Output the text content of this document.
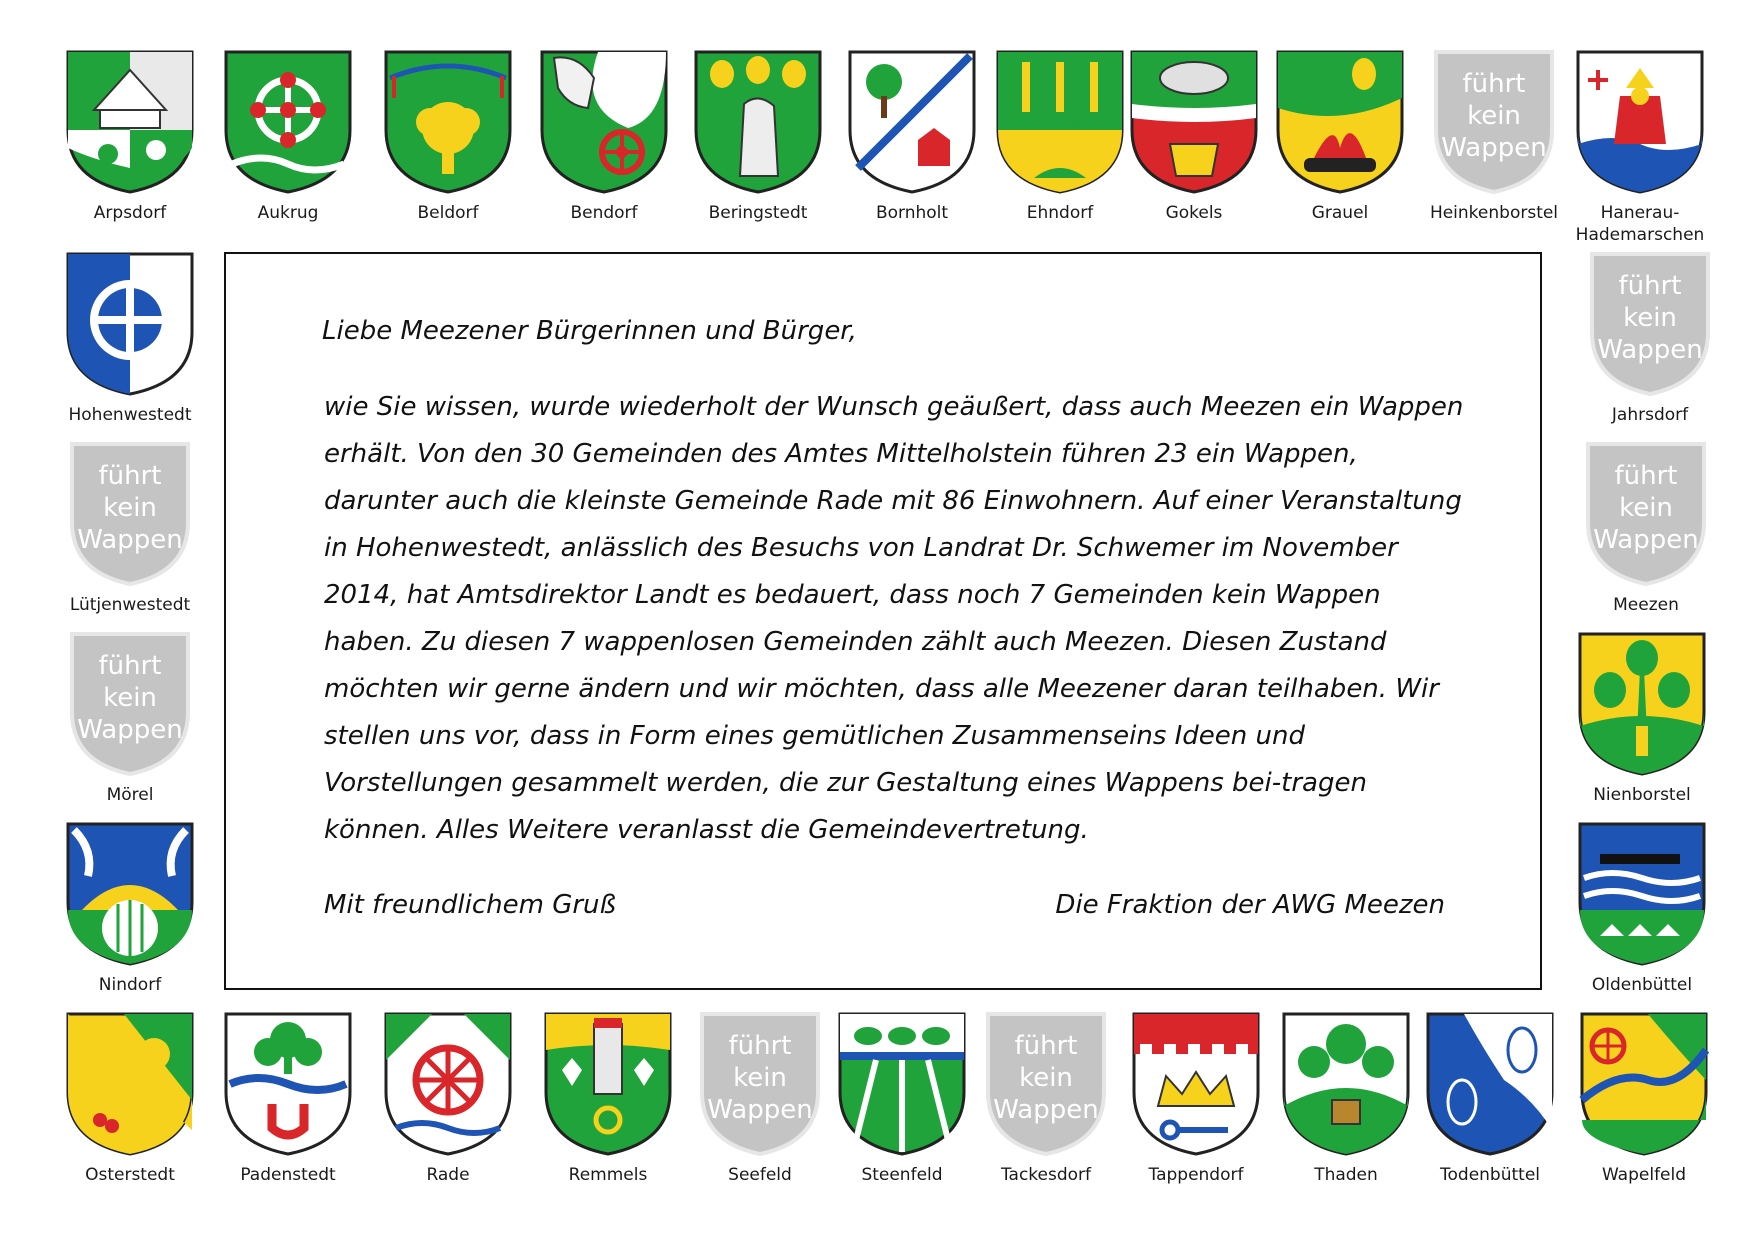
Arpsdorf	Aukrug	Beldorf	Bendorf	Beringstedt	Bornholt	Ehndorf	Gokels	Grauel
führt
kein
Wappen
Heinkenborstel	Hanerau-Hademarschen
Hohenwestedt
führt
kein
Wappen
Lütjenwestedt
führt
kein
Wappen
Mörel
Nindorf
führt
kein
Wappen
Jahrsdorf
führt
kein
Wappen
Meezen
Nienborstel
Oldenbüttel

Liebe Meezener Bürgerinnen und Bürger,

wie Sie wissen, wurde wiederholt der Wunsch geäußert, dass auch Meezen ein Wappen erhält. Von den 30 Gemeinden des Amtes Mittelholstein führen 23 ein Wappen, darunter auch die kleinste Gemeinde Rade mit 86 Einwohnern. Auf einer Veranstaltung in Hohenwestedt, anlässlich des Besuchs von Landrat Dr. Schwemer im November 2014, hat Amtsdirektor Landt es bedauert, dass noch 7 Gemeinden kein Wappen haben. Zu diesen 7 wappenlosen Gemeinden zählt auch Meezen. Diesen Zustand möchten wir gerne ändern und wir möchten, dass alle Meezener daran teilhaben. Wir stellen uns vor, dass in Form eines gemütlichen Zusammenseins Ideen und Vorstellungen gesammelt werden, die zur Gestaltung eines Wappens bei-tragen können. Alles Weitere veranlasst die Gemeindevertretung.

Mit freundlichem Gruß	Die Fraktion der AWG Meezen

Osterstedt	Padenstedt	Rade	Remmels
führt
kein
Wappen
Seefeld	Steenfeld
führt
kein
Wappen
Tackesdorf	Tappendorf	Thaden	Todenbüttel	Wapelfeld
